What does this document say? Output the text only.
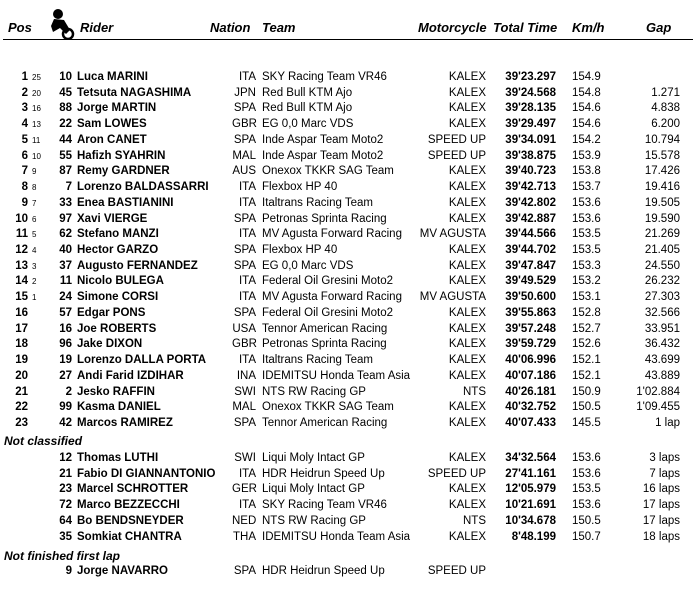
Pos	Rider	Nation Team	Motorcycle Total Time Km/h	Gap
1 25	10 Luca MARINI	ITA SKY Racing Team VR46	KALEX	39'23.297 154.9
2 20	45 Tetsuta NAGASHIMA	JPN Red Bull KTM Ajo	KALEX	39'24.568 154.8	1.271
3 16	88 Jorge MARTIN	SPA Red Bull KTM Ajo	KALEX	39'28.135 154.6	4.838
4 13	22 Sam LOWES	GBR EG 0,0 Marc VDS	KALEX	39'29.497 154.6	6.200
5 11	44 Aron CANET	SPA Inde Aspar Team Moto2	SPEED UP	39'34.091 154.2	10.794
6 10	55 Hafizh SYAHRIN	MAL Inde Aspar Team Moto2	SPEED UP	39'38.875 153.9	15.578
7 9	87 Remy GARDNER	AUS Onexox TKKR SAG Team	KALEX	39'40.723 153.8	17.426
8 8	7 Lorenzo BALDASSARRI	ITA Flexbox HP 40	KALEX	39'42.713 153.7	19.416
9 7	33 Enea BASTIANINI	ITA Italtrans Racing Team	KALEX	39'42.802 153.6	19.505
10 6	97 Xavi VIERGE	SPA Petronas Sprinta Racing	KALEX	39'42.887 153.6	19.590
11 5	62 Stefano MANZI	ITA MV Agusta Forward Racing	MV AGUSTA	39'44.566 153.5	21.269
12 4	40 Hector GARZO	SPA Flexbox HP 40	KALEX	39'44.702 153.5	21.405
13 3	37 Augusto FERNANDEZ	SPA EG 0,0 Marc VDS	KALEX	39'47.847 153.3	24.550
14 2	11 Nicolo BULEGA	ITA Federal Oil Gresini Moto2	KALEX	39'49.529 153.2	26.232
15 1	24 Simone CORSI	ITA MV Agusta Forward Racing	MV AGUSTA	39'50.600 153.1	27.303
16	57 Edgar PONS	SPA Federal Oil Gresini Moto2	KALEX	39'55.863 152.8	32.566
17	16 Joe ROBERTS	USA Tennor American Racing	KALEX	39'57.248 152.7	33.951
18	96 Jake DIXON	GBR Petronas Sprinta Racing	KALEX	39'59.729 152.6	36.432
19	19 Lorenzo DALLA PORTA	ITA Italtrans Racing Team	KALEX	40'06.996 152.1	43.699
20	27 Andi Farid IZDIHAR	INA IDEMITSU Honda Team Asia	KALEX	40'07.186 152.1	43.889
21	2 Jesko RAFFIN	SWI NTS RW Racing GP	NTS	40'26.181 150.9	1'02.884
22	99 Kasma DANIEL	MAL Onexox TKKR SAG Team	KALEX	40'32.752 150.5	1'09.455
23	42 Marcos RAMIREZ	SPA Tennor American Racing	KALEX	40'07.433 145.5	1 lap
Not classified
12 Thomas LUTHI	SWI Liqui Moly Intact GP	KALEX	34'32.564 153.6	3 laps
21 Fabio DI GIANNANTONIO	ITA HDR Heidrun Speed Up	SPEED UP	27'41.161 153.6	7 laps
23 Marcel SCHROTTER	GER Liqui Moly Intact GP	KALEX	12'05.979 153.5	16 laps
72 Marco BEZZECCHI	ITA SKY Racing Team VR46	KALEX	10'21.691 153.6	17 laps
64 Bo BENDSNEYDER	NED NTS RW Racing GP	NTS	10'34.678 150.5	17 laps
35 Somkiat CHANTRA	THA IDEMITSU Honda Team Asia	KALEX	8'48.199 150.7	18 laps
Not finished first lap
9 Jorge NAVARRO	SPA HDR Heidrun Speed Up	SPEED UP
